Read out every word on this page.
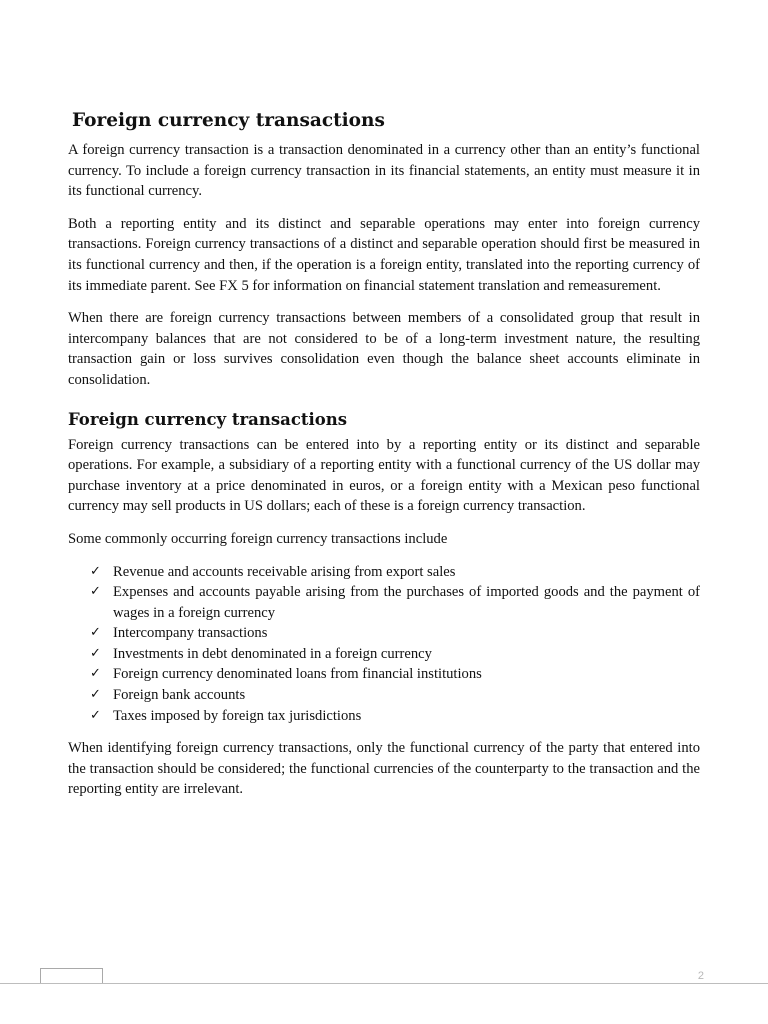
Foreign currency transactions

A foreign currency transaction is a transaction denominated in a currency other than an entity’s functional currency. To include a foreign currency transaction in its financial statements, an entity must measure it in its functional currency.

Both a reporting entity and its distinct and separable operations may enter into foreign currency transactions. Foreign currency transactions of a distinct and separable operation should first be measured in its functional currency and then, if the operation is a foreign entity, translated into the reporting currency of its immediate parent. See FX 5 for information on financial statement translation and remeasurement.

When there are foreign currency transactions between members of a consolidated group that result in intercompany balances that are not considered to be of a long-term investment nature, the resulting transaction gain or loss survives consolidation even though the balance sheet accounts eliminate in consolidation.

Foreign currency transactions

Foreign currency transactions can be entered into by a reporting entity or its distinct and separable operations. For example, a subsidiary of a reporting entity with a functional currency of the US dollar may purchase inventory at a price denominated in euros, or a foreign entity with a Mexican peso functional currency may sell products in US dollars; each of these is a foreign currency transaction.

Some commonly occurring foreign currency transactions include

✓ Revenue and accounts receivable arising from export sales
✓ Expenses and accounts payable arising from the purchases of imported goods and the payment of wages in a foreign currency
✓ Intercompany transactions
✓ Investments in debt denominated in a foreign currency
✓ Foreign currency denominated loans from financial institutions
✓ Foreign bank accounts
✓ Taxes imposed by foreign tax jurisdictions

When identifying foreign currency transactions, only the functional currency of the party that entered into the transaction should be considered; the functional currencies of the counterparty to the transaction and the reporting entity are irrelevant.

2
